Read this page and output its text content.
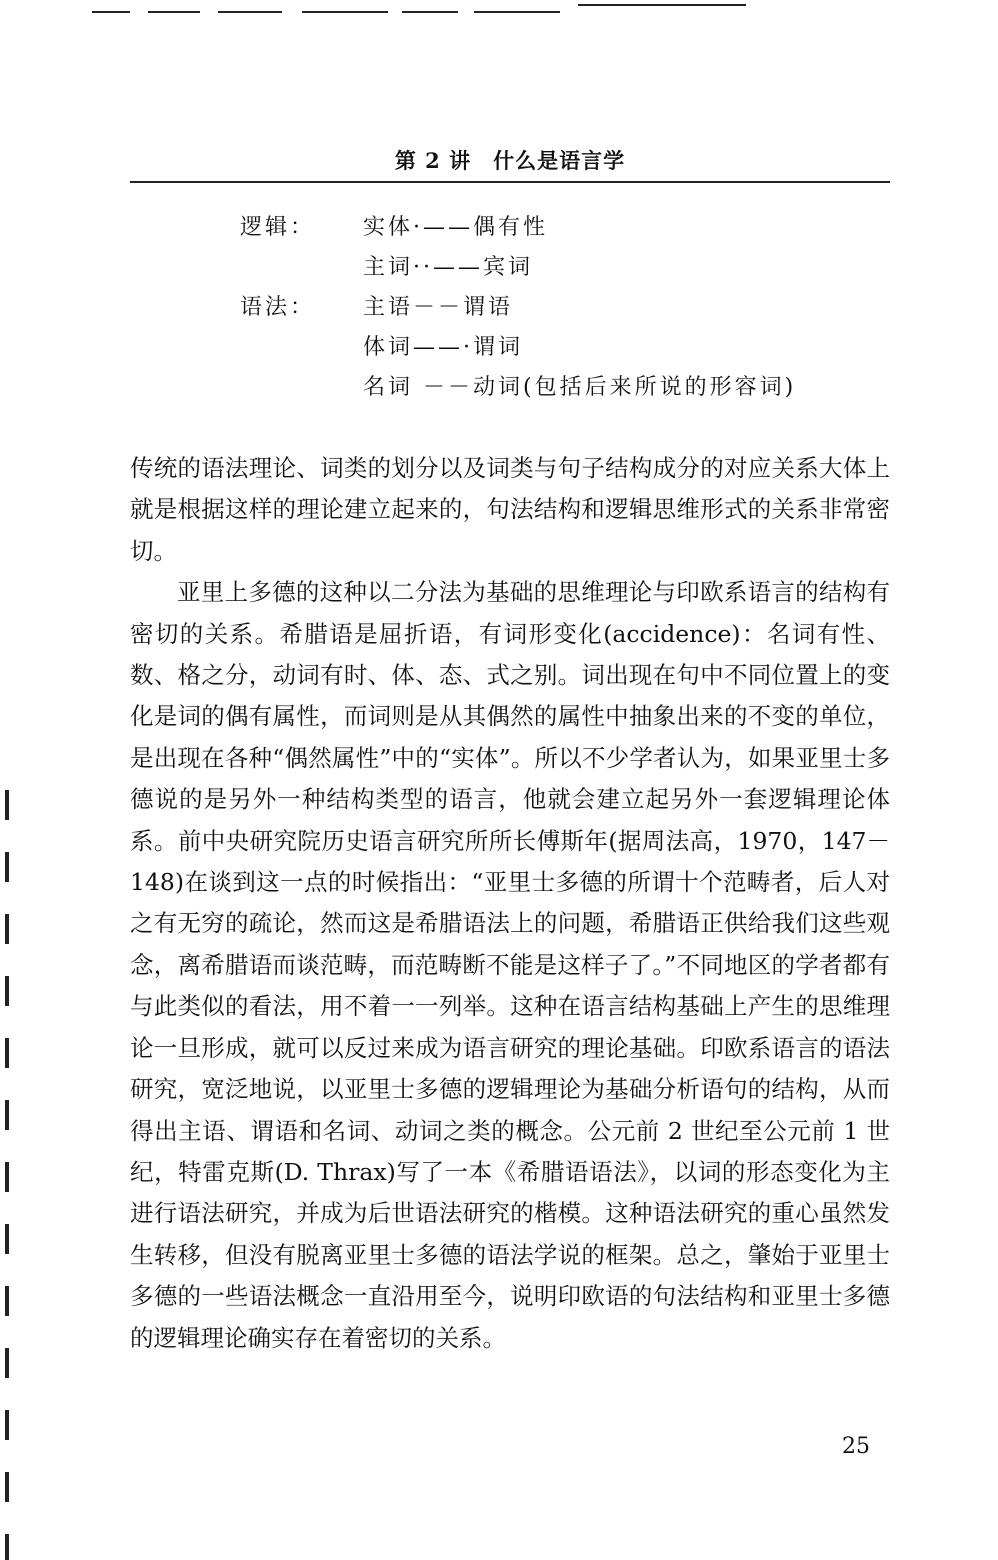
第 2 讲　什么是语言学
逻辑： 实体·——偶有性
主词··——宾词
语法： 主语－－谓语
体词——·谓词
名词 －－动词(包括后来所说的形容词)

传统的语法理论、词类的划分以及词类与句子结构成分的对应关系大体上就是根据这样的理论建立起来的，句法结构和逻辑思维形式的关系非常密切。

亚里上多德的这种以二分法为基础的思维理论与印欧系语言的结构有密切的关系。希腊语是屈折语，有词形变化(accidence)：名词有性、数、格之分，动词有时、体、态、式之别。词出现在句中不同位置上的变化是词的偶有属性，而词则是从其偶然的属性中抽象出来的不变的单位，是出现在各种“偶然属性”中的“实体”。所以不少学者认为，如果亚里士多德说的是另外一种结构类型的语言，他就会建立起另外一套逻辑理论体系。前中央研究院历史语言研究所所长傅斯年(据周法高，1970，147－148)在谈到这一点的时候指出：“亚里士多德的所谓十个范畴者，后人对之有无穷的疏论，然而这是希腊语法上的问题，希腊语正供给我们这些观念，离希腊语而谈范畴，而范畴断不能是这样子了。”不同地区的学者都有与此类似的看法，用不着一一列举。这种在语言结构基础上产生的思维理论一旦形成，就可以反过来成为语言研究的理论基础。印欧系语言的语法研究，宽泛地说，以亚里士多德的逻辑理论为基础分析语句的结构，从而得出主语、谓语和名词、动词之类的概念。公元前 2 世纪至公元前 1 世纪，特雷克斯(D. Thrax)写了一本《希腊语语法》，以词的形态变化为主进行语法研究，并成为后世语法研究的楷模。这种语法研究的重心虽然发生转移，但没有脱离亚里士多德的语法学说的框架。总之，肇始于亚里士多德的一些语法概念一直沿用至今，说明印欧语的句法结构和亚里士多德的逻辑理论确实存在着密切的关系。

25
